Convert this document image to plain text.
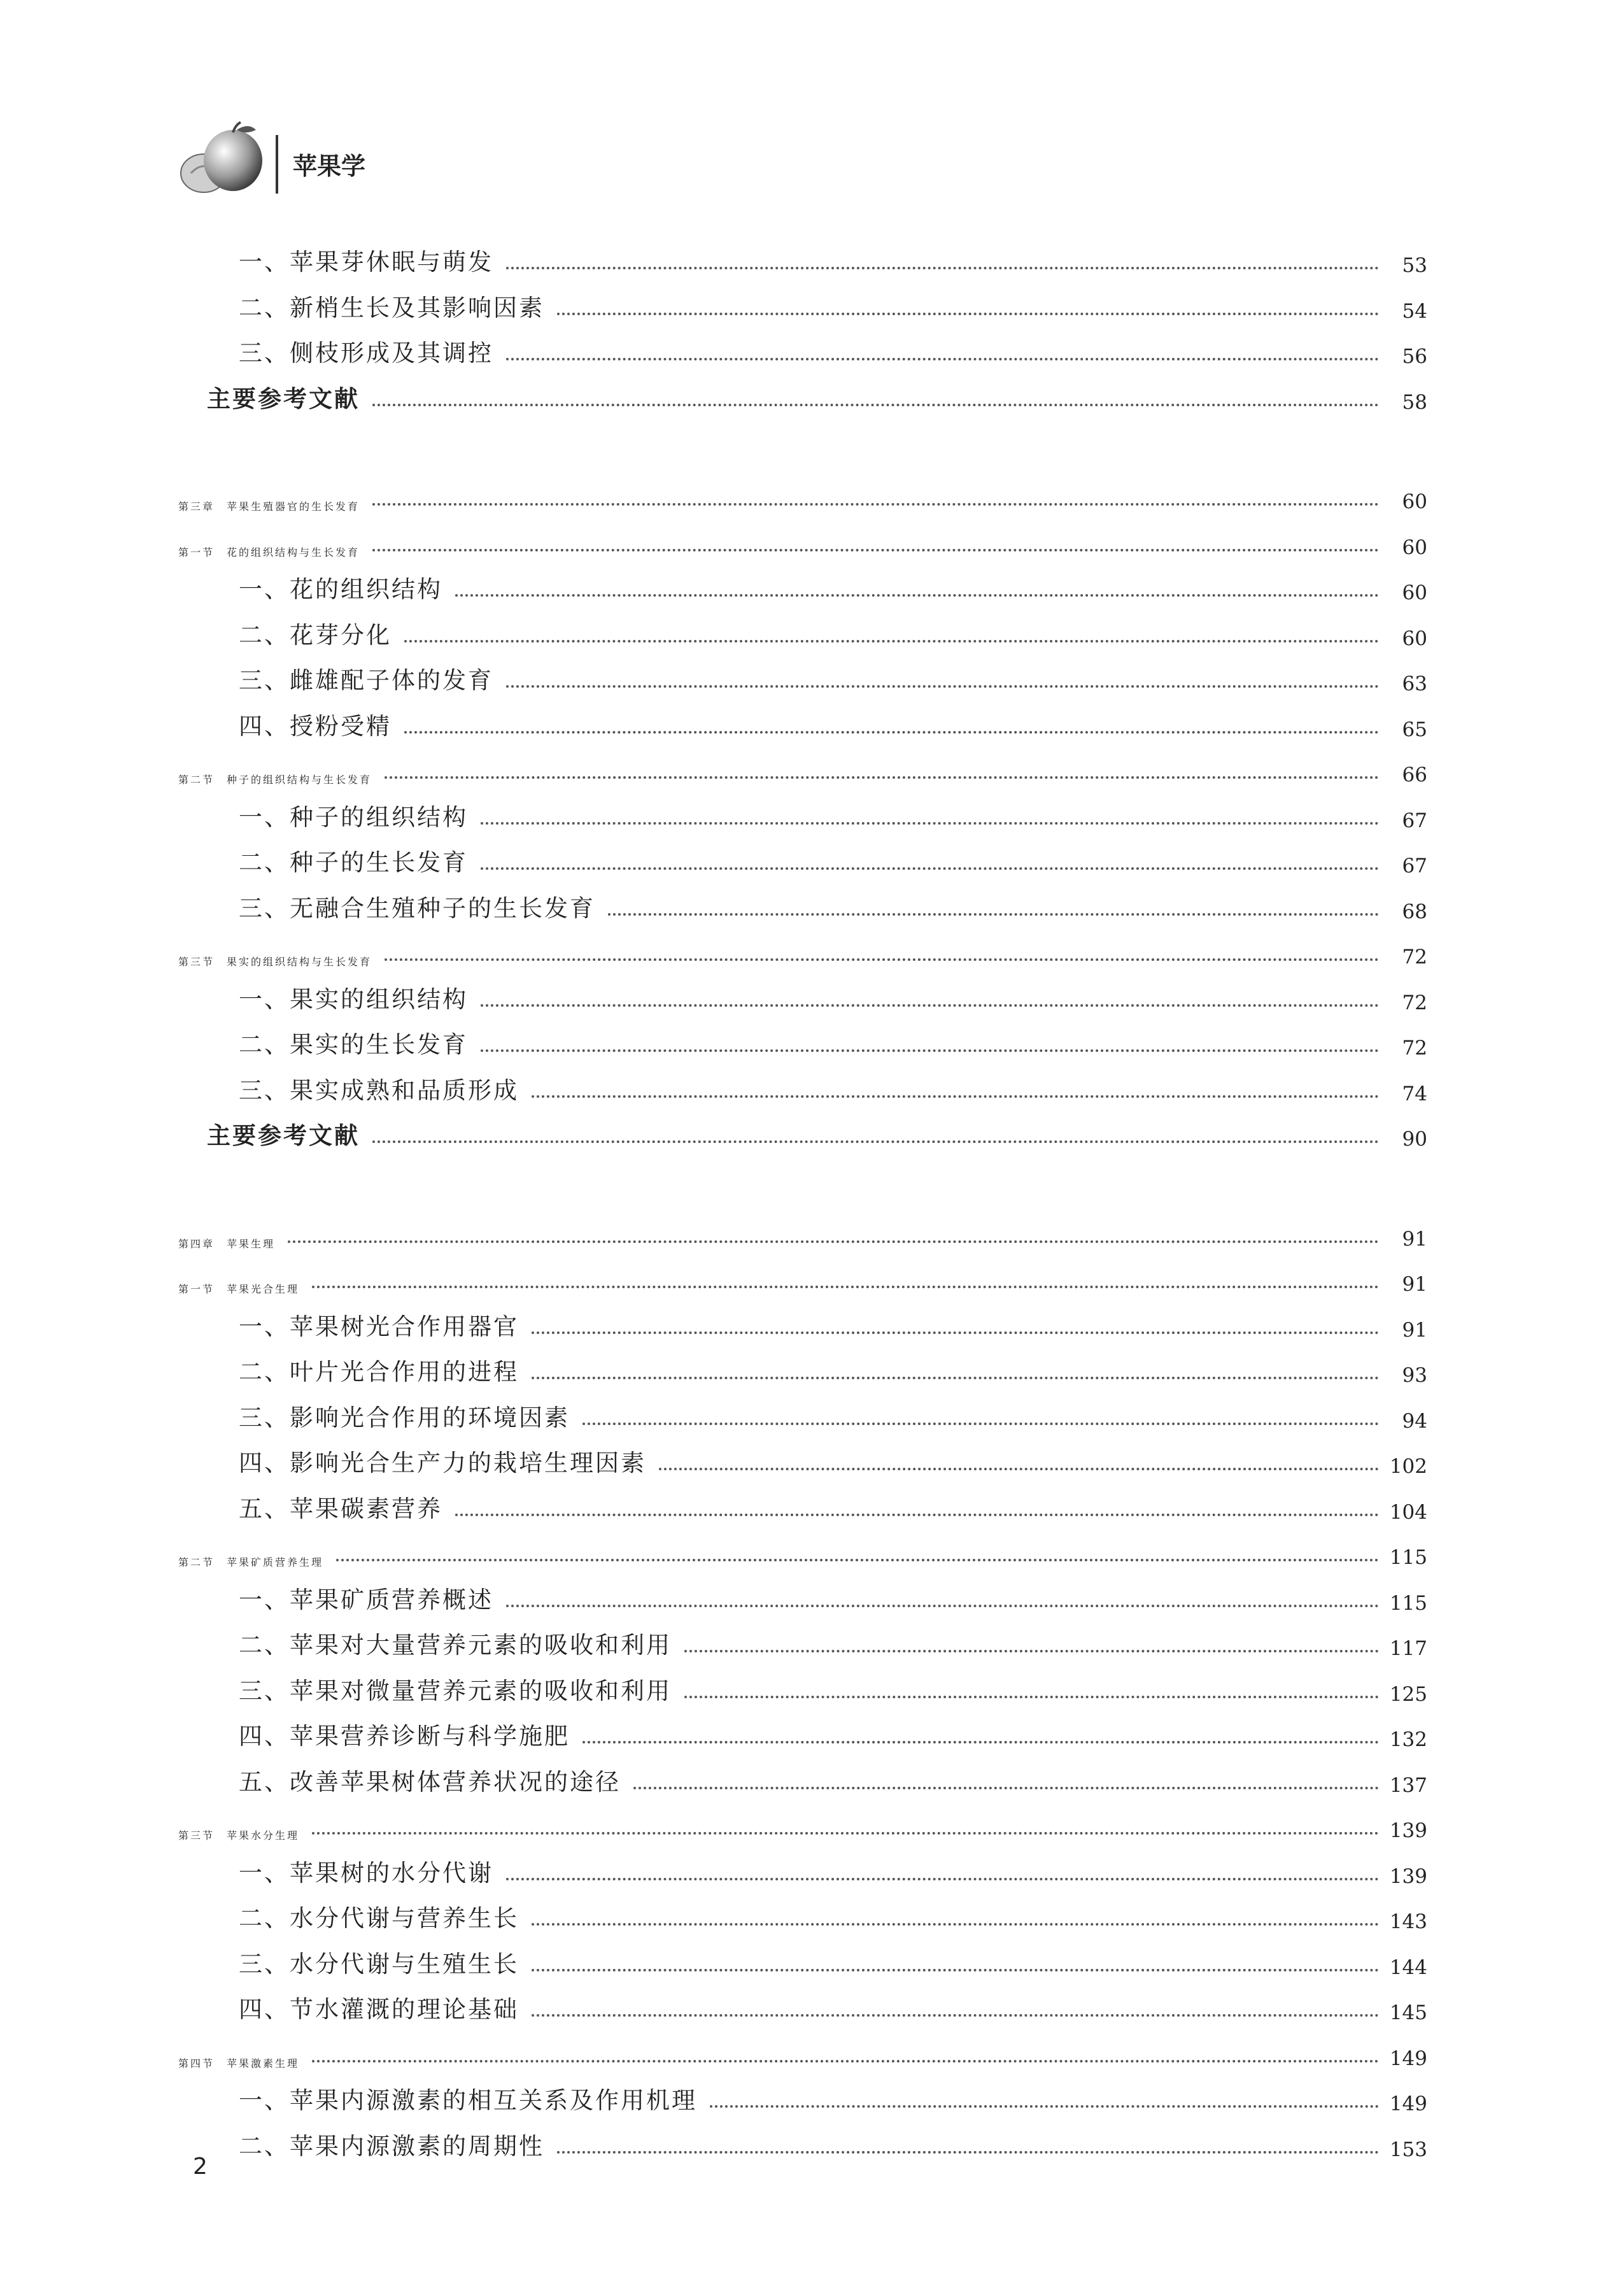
苹果学
一、苹果芽休眠与萌发	53
二、新梢生长及其影响因素	54
三、侧枝形成及其调控	56
主要参考文献	58
第三章　苹果生殖器官的生长发育	60
第一节　花的组织结构与生长发育	60
一、花的组织结构	60
二、花芽分化	60
三、雌雄配子体的发育	63
四、授粉受精	65
第二节　种子的组织结构与生长发育	66
一、种子的组织结构	67
二、种子的生长发育	67
三、无融合生殖种子的生长发育	68
第三节　果实的组织结构与生长发育	72
一、果实的组织结构	72
二、果实的生长发育	72
三、果实成熟和品质形成	74
主要参考文献	90
第四章　苹果生理	91
第一节　苹果光合生理	91
一、苹果树光合作用器官	91
二、叶片光合作用的进程	93
三、影响光合作用的环境因素	94
四、影响光合生产力的栽培生理因素	102
五、苹果碳素营养	104
第二节　苹果矿质营养生理	115
一、苹果矿质营养概述	115
二、苹果对大量营养元素的吸收和利用	117
三、苹果对微量营养元素的吸收和利用	125
四、苹果营养诊断与科学施肥	132
五、改善苹果树体营养状况的途径	137
第三节　苹果水分生理	139
一、苹果树的水分代谢	139
二、水分代谢与营养生长	143
三、水分代谢与生殖生长	144
四、节水灌溉的理论基础	145
第四节　苹果激素生理	149
一、苹果内源激素的相互关系及作用机理	149
二、苹果内源激素的周期性	153
2
